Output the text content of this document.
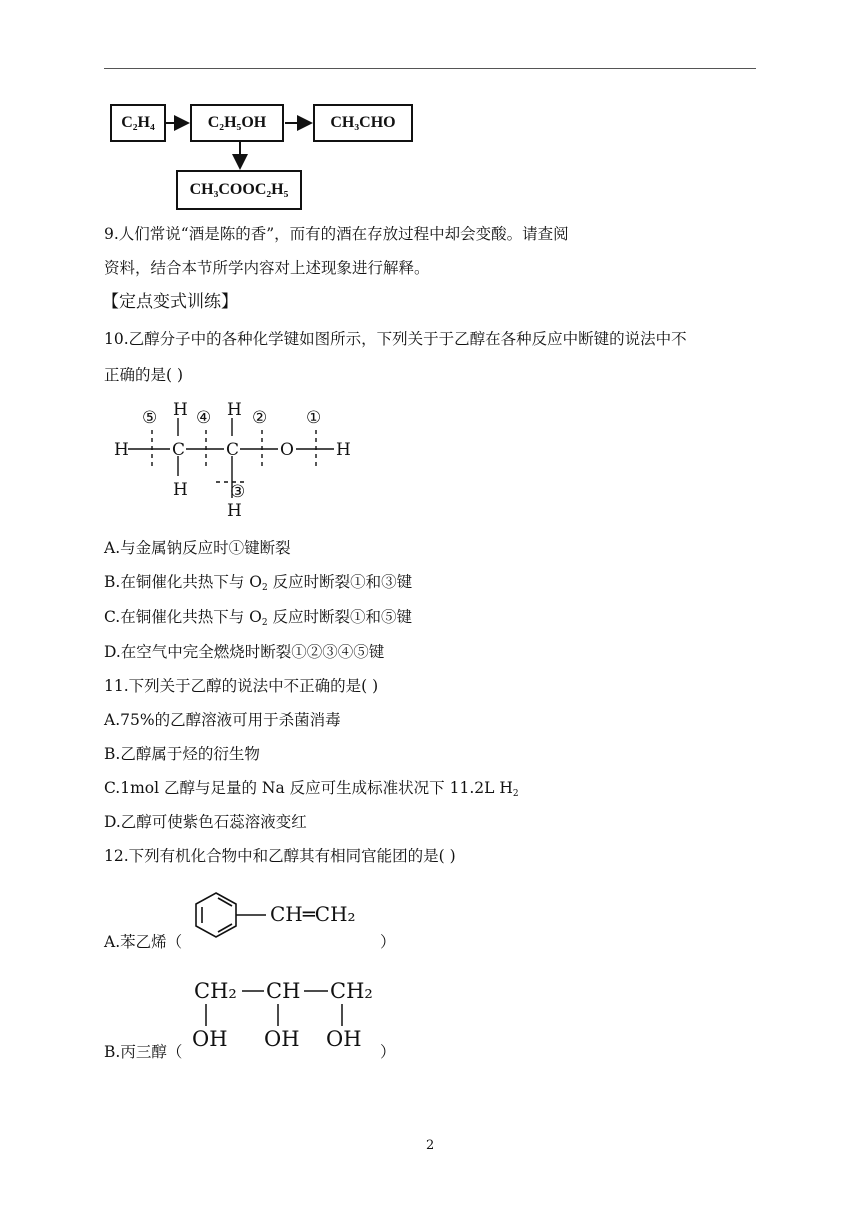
C₂H₄	C₂H₅OH	CH₃CHO
CH₃COOC₂H₅
9.人们常说“酒是陈的香”，而有的酒在存放过程中却会变酸。请查阅
资料，结合本节所学内容对上述现象进行解释。
【定点变式训练】
10.乙醇分子中的各种化学键如图所示，下列关于于乙醇在各种反应中断键的说法中不
正确的是( )
⑤ ④ ② ①
③
H	C C O H
H H
H
H
A.与金属钠反应时①键断裂
B.在铜催化共热下与 $O_2$ 反应时断裂①和③键
C.在铜催化共热下与 $O_2$ 反应时断裂①和⑤键
D.在空气中完全燃烧时断裂①②③④⑤键
11.下列关于乙醇的说法中不正确的是( )
A.75%的乙醇溶液可用于杀菌消毒
B.乙醇属于烃的衍生物
C.1mol 乙醇与足量的 Na 反应可生成标准状况下 11.2L $H_2$
D.乙醇可使紫色石蕊溶液变红
12.下列有机化合物中和乙醇其有相同官能团的是( )
A.苯乙烯（
CH═CH₂
）
CH₂ CH CH₂
OH OH OH
B.丙三醇（	）
2
